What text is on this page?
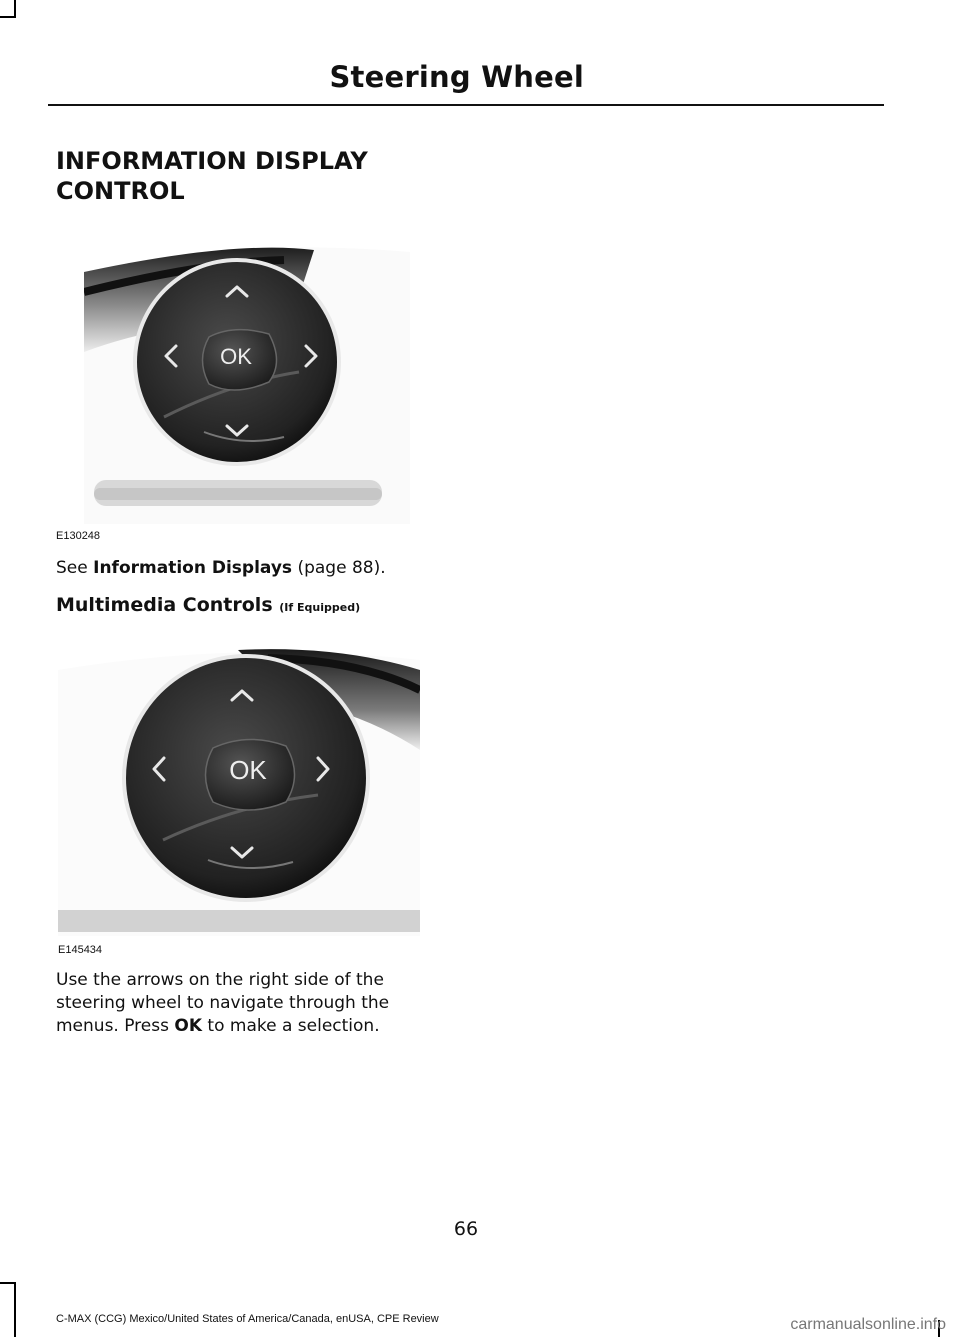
Steering Wheel
INFORMATION DISPLAY
CONTROL
OK
E130248

See Information Displays (page 88).

Multimedia Controls (If Equipped)
OK
E145434

Use the arrows on the right side of the
steering wheel to navigate through the
menus. Press OK to make a selection.

66
C-MAX (CCG) Mexico/United States of America/Canada, enUSA, CPE Review	carmanualsonline.info
